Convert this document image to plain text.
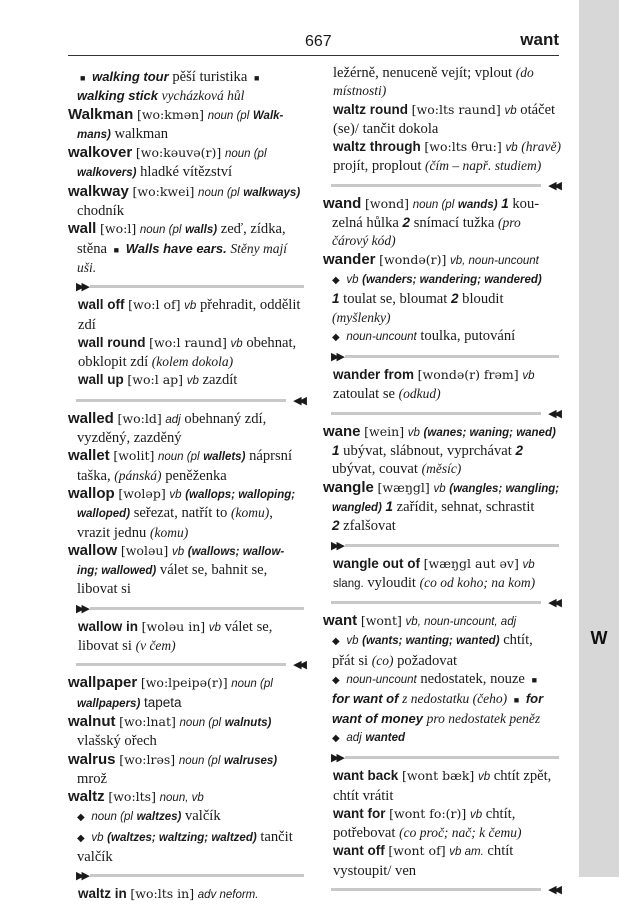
667	want
W
■ walking tour pěší turistika ■
walking stick vycházková hůl
Walkman [wo:kmən] noun (pl Walk-
mans) walkman
walkover [wo:kəuvə(r)] noun (pl
walkovers) hladké vítězství
walkway [wo:kwei] noun (pl walkways)
chodník
wall [wo:l] noun (pl walls) zeď, zídka,
stěna ■ Walls have ears. Stěny mají
uši.
▶▶
wall off [wo:l of] vb přehradit, oddělit
zdí
wall round [wo:l raund] vb obehnat,
obklopit zdí (kolem dokola)
wall up [wo:l ap] vb zazdít
◀◀
walled [wo:ld] adj obehnaný zdí,
vyzděný, zazděný
wallet [wolit] noun (pl wallets) náprsní
taška, (pánská) peněženka
wallop [woləp] vb (wallops; walloping;
walloped) seřezat, natřít to (komu),
vrazit jednu (komu)
wallow [woləu] vb (wallows; wallow-
ing; wallowed) válet se, bahnit se,
libovat si
▶▶
wallow in [woləu in] vb válet se,
libovat si (v čem)
◀◀
wallpaper [wo:lpeipə(r)] noun (pl
wallpapers) tapeta
walnut [wo:lnat] noun (pl walnuts)
vlašský ořech
walrus [wo:lrəs] noun (pl walruses)
mrož
waltz [wo:lts] noun, vb
◆ noun (pl waltzes) valčík
◆ vb (waltzes; waltzing; waltzed) tančit
valčík
▶▶
waltz in [wo:lts in] adv neform.
ležérně, nenuceně vejít; vplout (do
místnosti)
waltz round [wo:lts raund] vb otáčet
(se)/ tančit dokola
waltz through [wo:lts θru:] vb (hravě)
projít, proplout (čím – např. studiem)
◀◀
wand [wond] noun (pl wands) 1 kou-
zelná hůlka 2 snímací tužka (pro
čárový kód)
wander [wondə(r)] vb, noun-uncount
◆ vb (wanders; wandering; wandered)
1 toulat se, bloumat 2 bloudit
(myšlenky)
◆ noun-uncount toulka, putování
▶▶
wander from [wondə(r) frəm] vb
zatoulat se (odkud)
◀◀
wane [wein] vb (wanes; waning; waned)
1 ubývat, slábnout, vyprchávat 2
ubývat, couvat (měsíc)
wangle [wæŋgl] vb (wangles; wangling;
wangled) 1 zařídit, sehnat, schrastit
2 zfalšovat
▶▶
wangle out of [wæŋgl aut əv] vb
slang. vyloudit (co od koho; na kom)
◀◀
want [wont] vb, noun-uncount, adj
◆ vb (wants; wanting; wanted) chtít,
přát si (co) požadovat
◆ noun-uncount nedostatek, nouze ■
for want of z nedostatku (čeho) ■ for
want of money pro nedostatek peněz
◆ adj wanted
▶▶
want back [wont bæk] vb chtít zpět,
chtít vrátit
want for [wont fo:(r)] vb chtít,
potřebovat (co proč; nač; k čemu)
want off [wont of] vb am. chtít
vystoupit/ ven
◀◀
